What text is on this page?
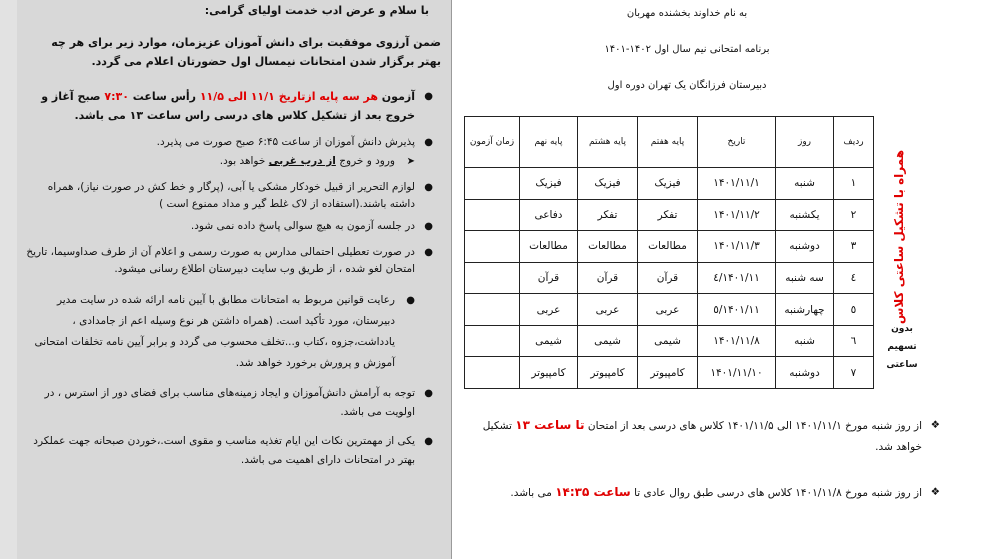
با سلام و عرض ادب خدمت اولیای گرامی:
ضمن آرزوی موفقیت برای دانش آموزان عزیزمان، موارد زیر برای هر چه بهتر برگزار شدن امتحانات نیمسال اول حضورتان اعلام می گردد.
●
آزمون هر سه پایه ازتاریخ ۱۱/۱ الی ۱۱/۵ رأس ساعت ۷:۳۰ صبح آغاز و خروج بعد از تشکیل کلاس های درسی راس ساعت ۱۳ می باشد.
●
پذیرش دانش آموزان از ساعت ۶:۴۵ صبح صورت می پذیرد.
➤
ورود و خروج از درب غربی خواهد بود.
●
لوازم التحریر از قبیل خودکار مشکی یا آبی، (پرگار و خط کش در صورت نیاز)، همراه داشته باشند.(استفاده از لاک غلط گیر و مداد ممنوع است )
●
در جلسه آزمون به هیچ سوالی پاسخ داده نمی شود.
●
در صورت تعطیلی احتمالی مدارس به صورت رسمی و اعلام آن از طرف صداوسیما، تاریخ امتحان لغو شده ، از طریق وب سایت دبیرستان اطلاع رسانی میشود.
●
رعایت قوانین مربوط به امتحانات مطابق با آیین نامه ارائه شده در سایت مدیر دبیرستان، مورد تأکید است. (همراه داشتن هر نوع وسیله اعم از جامدادی ، یادداشت،جزوه ،کتاب و...تخلف محسوب می گردد و برابر آیین نامه تخلفات امتحانی آموزش و پرورش برخورد خواهد شد.
●
توجه به آرامش دانش‌آموزان و ایجاد زمینه‌های مناسب برای فضای دور از استرس ، در اولویت می باشد.
●
یکی از مهمترین نکات این ایام تغذیه مناسب و مقوی است.،خوردن صبحانه جهت عملکرد بهتر در امتحانات دارای اهمیت می باشد.
به نام خداوند بخشنده مهربان
برنامه امتحانی نیم سال اول ۱۴۰۲-۱۴۰۱
دبیرستان فرزانگان یک تهران دوره اول
ردیف	روز	تاریخ	پایه هفتم	پایه هشتم	پایه نهم	زمان آزمون
۱	شنبه	۱۴۰۱/۱۱/۱	فیزیک	فیزیک	فیزیک	
۲	یکشنبه	۱۴۰۱/۱۱/۲	تفکر	تفکر	دفاعی	
۳	دوشنبه	۱۴۰۱/۱۱/۳	مطالعات	مطالعات	مطالعات	
٤	سه شنبه	۱۴۰۱/۱۱/٤	قرآن	قرآن	قرآن	
٥	چهارشنبه	۱۴۰۱/۱۱/٥	عربی	عربی	عربی	
٦	شنبه	۱۴۰۱/۱۱/۸	شیمی	شیمی	شیمی	
۷	دوشنبه	۱۴۰۱/۱۱/۱۰	کامپیوتر	کامپیوتر	کامپیوتر	
همراه با تشکیل ساعتی کلاس
بدون
تسهیم
ساعتی
❖
از روز شنبه مورخ ۱۴۰۱/۱۱/۱ الی ۱۴۰۱/۱۱/۵ کلاس های درسی بعد از امتحان تا ساعت ۱۳ تشکیل خواهد شد.
❖
از روز شنبه مورخ ۱۴۰۱/۱۱/۸ کلاس های درسی طبق روال عادی تا ساعت ۱۴:۳۵ می باشد.
